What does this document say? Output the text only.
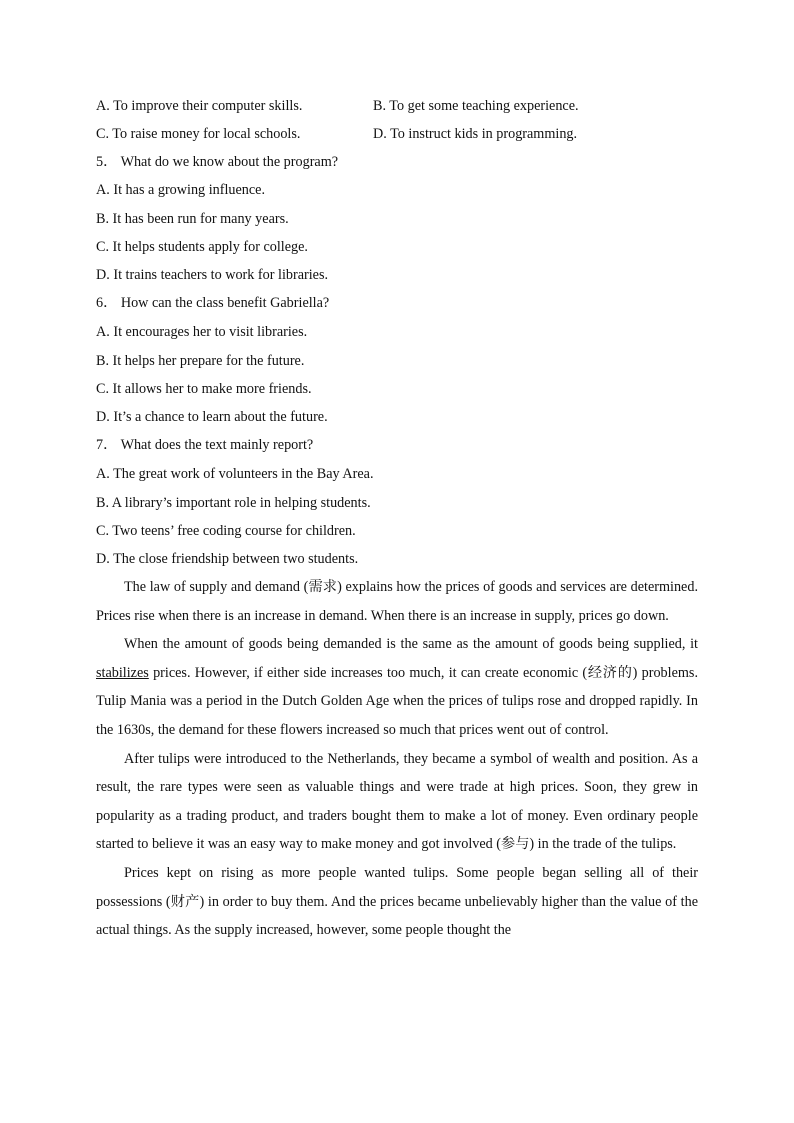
A. To improve their computer skills.	B. To get some teaching experience.
C. To raise money for local schools.	D. To instruct kids in programming.
5． What do we know about the program?
A. It has a growing influence.
B. It has been run for many years.
C. It helps students apply for college.
D. It trains teachers to work for libraries.
6． How can the class benefit Gabriella?
A. It encourages her to visit libraries.
B. It helps her prepare for the future.
C. It allows her to make more friends.
D. It’s a chance to learn about the future.
7． What does the text mainly report?
A. The great work of volunteers in the Bay Area.
B. A library’s important role in helping students.
C. Two teens’ free coding course for children.
D. The close friendship between two students.

The law of supply and demand (需求) explains how the prices of goods and services are determined. Prices rise when there is an increase in demand. When there is an increase in supply, prices go down.

When the amount of goods being demanded is the same as the amount of goods being supplied, it stabilizes prices. However, if either side increases too much, it can create economic (经济的) problems. Tulip Mania was a period in the Dutch Golden Age when the prices of tulips rose and dropped rapidly. In the 1630s, the demand for these flowers increased so much that prices went out of control.

After tulips were introduced to the Netherlands, they became a symbol of wealth and position. As a result, the rare types were seen as valuable things and were trade at high prices. Soon, they grew in popularity as a trading product, and traders bought them to make a lot of money. Even ordinary people started to believe it was an easy way to make money and got involved (参与) in the trade of the tulips.

Prices kept on rising as more people wanted tulips. Some people began selling all of their possessions (财产) in order to buy them. And the prices became unbelievably higher than the value of the actual things. As the supply increased, however, some people thought the
